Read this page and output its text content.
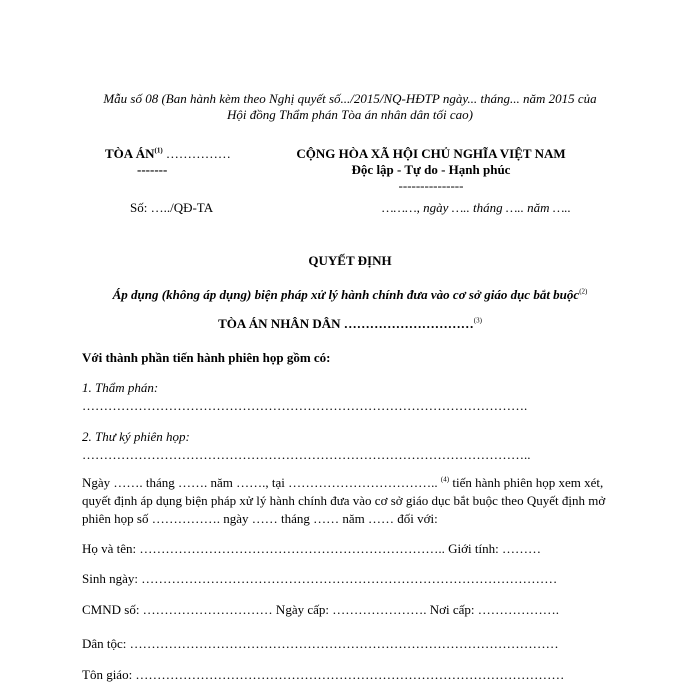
Mẫu số 08 (Ban hành kèm theo Nghị quyết số.../2015/NQ-HĐTP ngày... tháng... năm 2015 của
Hội đồng Thẩm phán Tòa án nhân dân tối cao)
TÒA ÁN$^{(1)}$ ……………
-------
Số: …../QĐ-TA
CỘNG HÒA XÃ HỘI CHỦ NGHĨA VIỆT NAM
Độc lập - Tự do - Hạnh phúc
---------------
………, ngày ….. tháng ….. năm …..
QUYẾT ĐỊNH
Áp dụng (không áp dụng) biện pháp xử lý hành chính đưa vào cơ sở giáo dục bắt buộc$^{(2)}$
TÒA ÁN NHÂN DÂN …………………………$^{(3)}$
Với thành phần tiến hành phiên họp gồm có:
1. Thẩm phán:
………………………………………………………………………………………….
2. Thư ký phiên họp:
…………………………………………………………………………………………..
Ngày ……. tháng ……. năm ……., tại …………………………….. $^{(4)}$ tiến hành phiên họp xem xét, quyết định áp dụng biện pháp xử lý hành chính đưa vào cơ sở giáo dục bắt buộc theo Quyết định mở phiên họp số ……………. ngày …… tháng …… năm …… đối với:
Họ và tên: …………………………………………………………….. Giới tính: ………
Sinh ngày: ……………………………………………………………………………………
CMND số: ………………………… Ngày cấp: …………………. Nơi cấp: ……………….
Dân tộc: ………………………………………………………………………………………
Tôn giáo: ………………………………………………………………………………………
